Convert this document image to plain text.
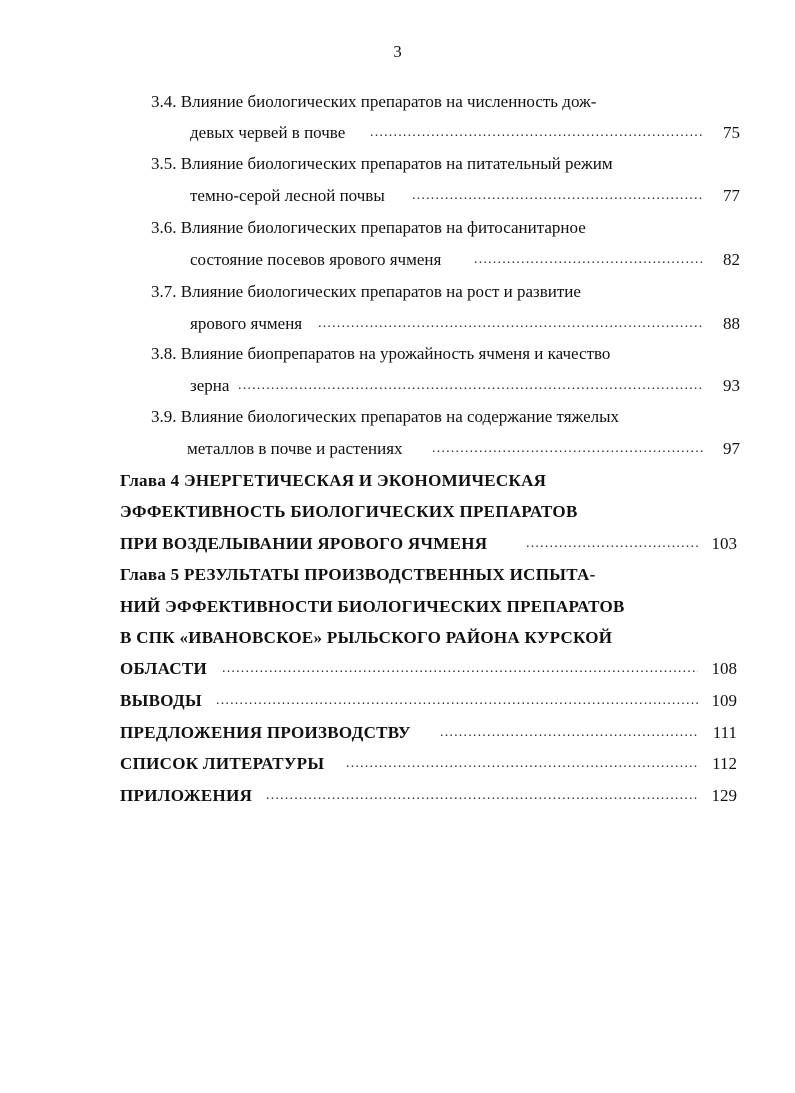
3
3.4. Влияние биологических препаратов на численность дож-
девых червей в почве .....	75
3.5. Влияние биологических препаратов на питательный режим
темно-серой лесной почвы .....	77
3.6. Влияние биологических препаратов на фитосанитарное
состояние посевов ярового ячменя .....	82
3.7. Влияние биологических препаратов на рост и развитие
ярового ячменя .....	88
3.8. Влияние биопрепаратов на урожайность ячменя и качество
зерна .....	93
3.9. Влияние биологических препаратов на содержание тяжелых
металлов в почве и растениях .....	97
Глава 4 ЭНЕРГЕТИЧЕСКАЯ И ЭКОНОМИЧЕСКАЯ
ЭФФЕКТИВНОСТЬ БИОЛОГИЧЕСКИХ ПРЕПАРАТОВ
ПРИ ВОЗДЕЛЫВАНИИ ЯРОВОГО ЯЧМЕНЯ .....	103
Глава 5 РЕЗУЛЬТАТЫ ПРОИЗВОДСТВЕННЫХ ИСПЫТА-
НИЙ ЭФФЕКТИВНОСТИ БИОЛОГИЧЕСКИХ ПРЕПАРАТОВ
В СПК «ИВАНОВСКОЕ» РЫЛЬСКОГО РАЙОНА КУРСКОЙ
ОБЛАСТИ .....	108
ВЫВОДЫ .....	109
ПРЕДЛОЖЕНИЯ ПРОИЗВОДСТВУ .....	111
СПИСОК ЛИТЕРАТУРЫ .....	112
ПРИЛОЖЕНИЯ .....	129
